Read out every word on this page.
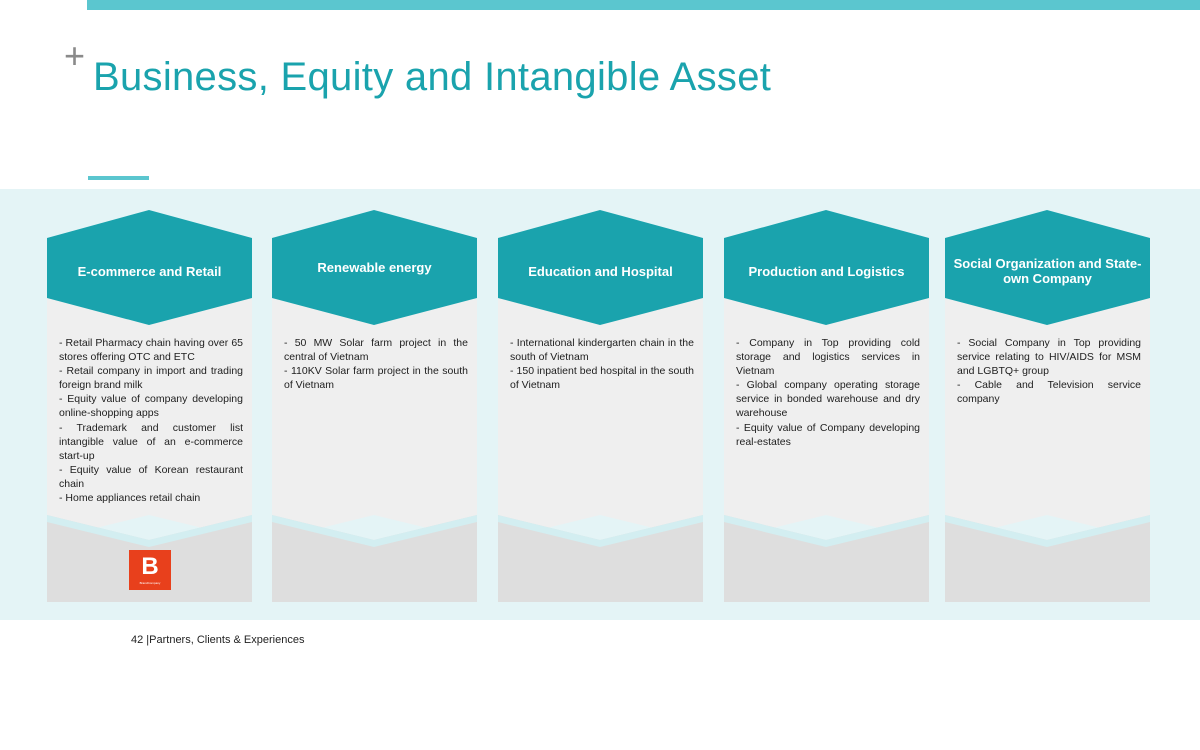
+ Business, Equity and Intangible Asset
E-commerce and Retail
- Retail Pharmacy chain having over 65 stores offering OTC and ETC
- Retail company in import and trading foreign brand milk
- Equity value of company developing online-shopping apps
- Trademark and customer list intangible value of an e-commerce start-up
- Equity value of Korean restaurant chain
- Home appliances retail chain
B
BrandCompany
Renewable energy
- 50 MW Solar farm project in the central of Vietnam
- 110KV Solar farm project in the south of Vietnam
Education and Hospital
- International kindergarten chain in the south of Vietnam
- 150 inpatient bed hospital in the south of Vietnam
Production and Logistics
- Company in Top providing cold storage and logistics services in Vietnam
- Global company operating storage service in bonded warehouse and dry warehouse
- Equity value of Company developing real-estates
Social Organization and State-own Company
- Social Company in Top providing service relating to HIV/AIDS for MSM and LGBTQ+ group
- Cable and Television service company
42 |Partners, Clients & Experiences
